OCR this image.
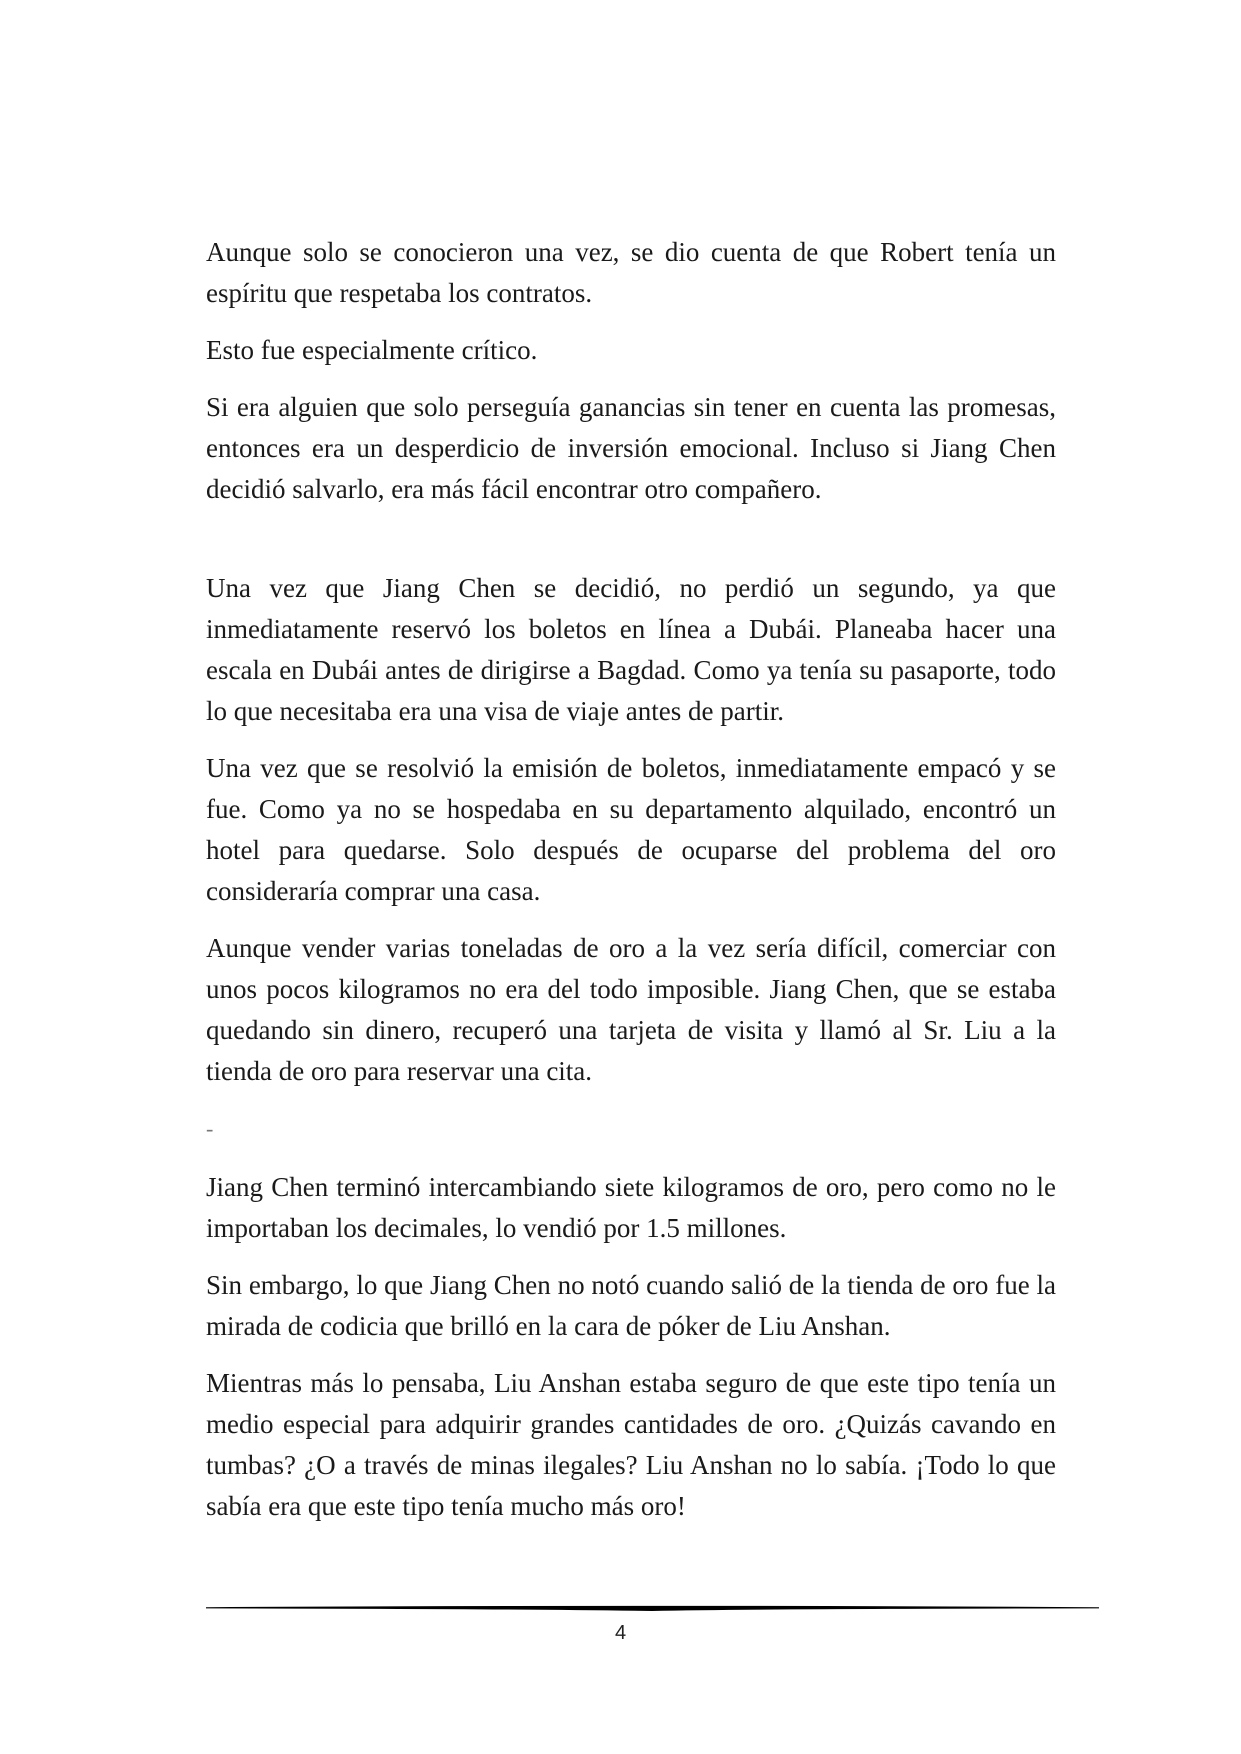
Aunque solo se conocieron una vez, se dio cuenta de que Robert tenía un espíritu que respetaba los contratos.

Esto fue especialmente crítico.

Si era alguien que solo perseguía ganancias sin tener en cuenta las promesas, entonces era un desperdicio de inversión emocional. Incluso si Jiang Chen decidió salvarlo, era más fácil encontrar otro compañero.

Una vez que Jiang Chen se decidió, no perdió un segundo, ya que inmediatamente reservó los boletos en línea a Dubái. Planeaba hacer una escala en Dubái antes de dirigirse a Bagdad. Como ya tenía su pasaporte, todo lo que necesitaba era una visa de viaje antes de partir.

Una vez que se resolvió la emisión de boletos, inmediatamente empacó y se fue. Como ya no se hospedaba en su departamento alquilado, encontró un hotel para quedarse. Solo después de ocuparse del problema del oro consideraría comprar una casa.

Aunque vender varias toneladas de oro a la vez sería difícil, comerciar con unos pocos kilogramos no era del todo imposible. Jiang Chen, que se estaba quedando sin dinero, recuperó una tarjeta de visita y llamó al Sr. Liu a la tienda de oro para reservar una cita.

-

Jiang Chen terminó intercambiando siete kilogramos de oro, pero como no le importaban los decimales, lo vendió por 1.5 millones.

Sin embargo, lo que Jiang Chen no notó cuando salió de la tienda de oro fue la mirada de codicia que brilló en la cara de póker de Liu Anshan.

Mientras más lo pensaba, Liu Anshan estaba seguro de que este tipo tenía un medio especial para adquirir grandes cantidades de oro. ¿Quizás cavando en tumbas? ¿O a través de minas ilegales? Liu Anshan no lo sabía. ¡Todo lo que sabía era que este tipo tenía mucho más oro!

4
